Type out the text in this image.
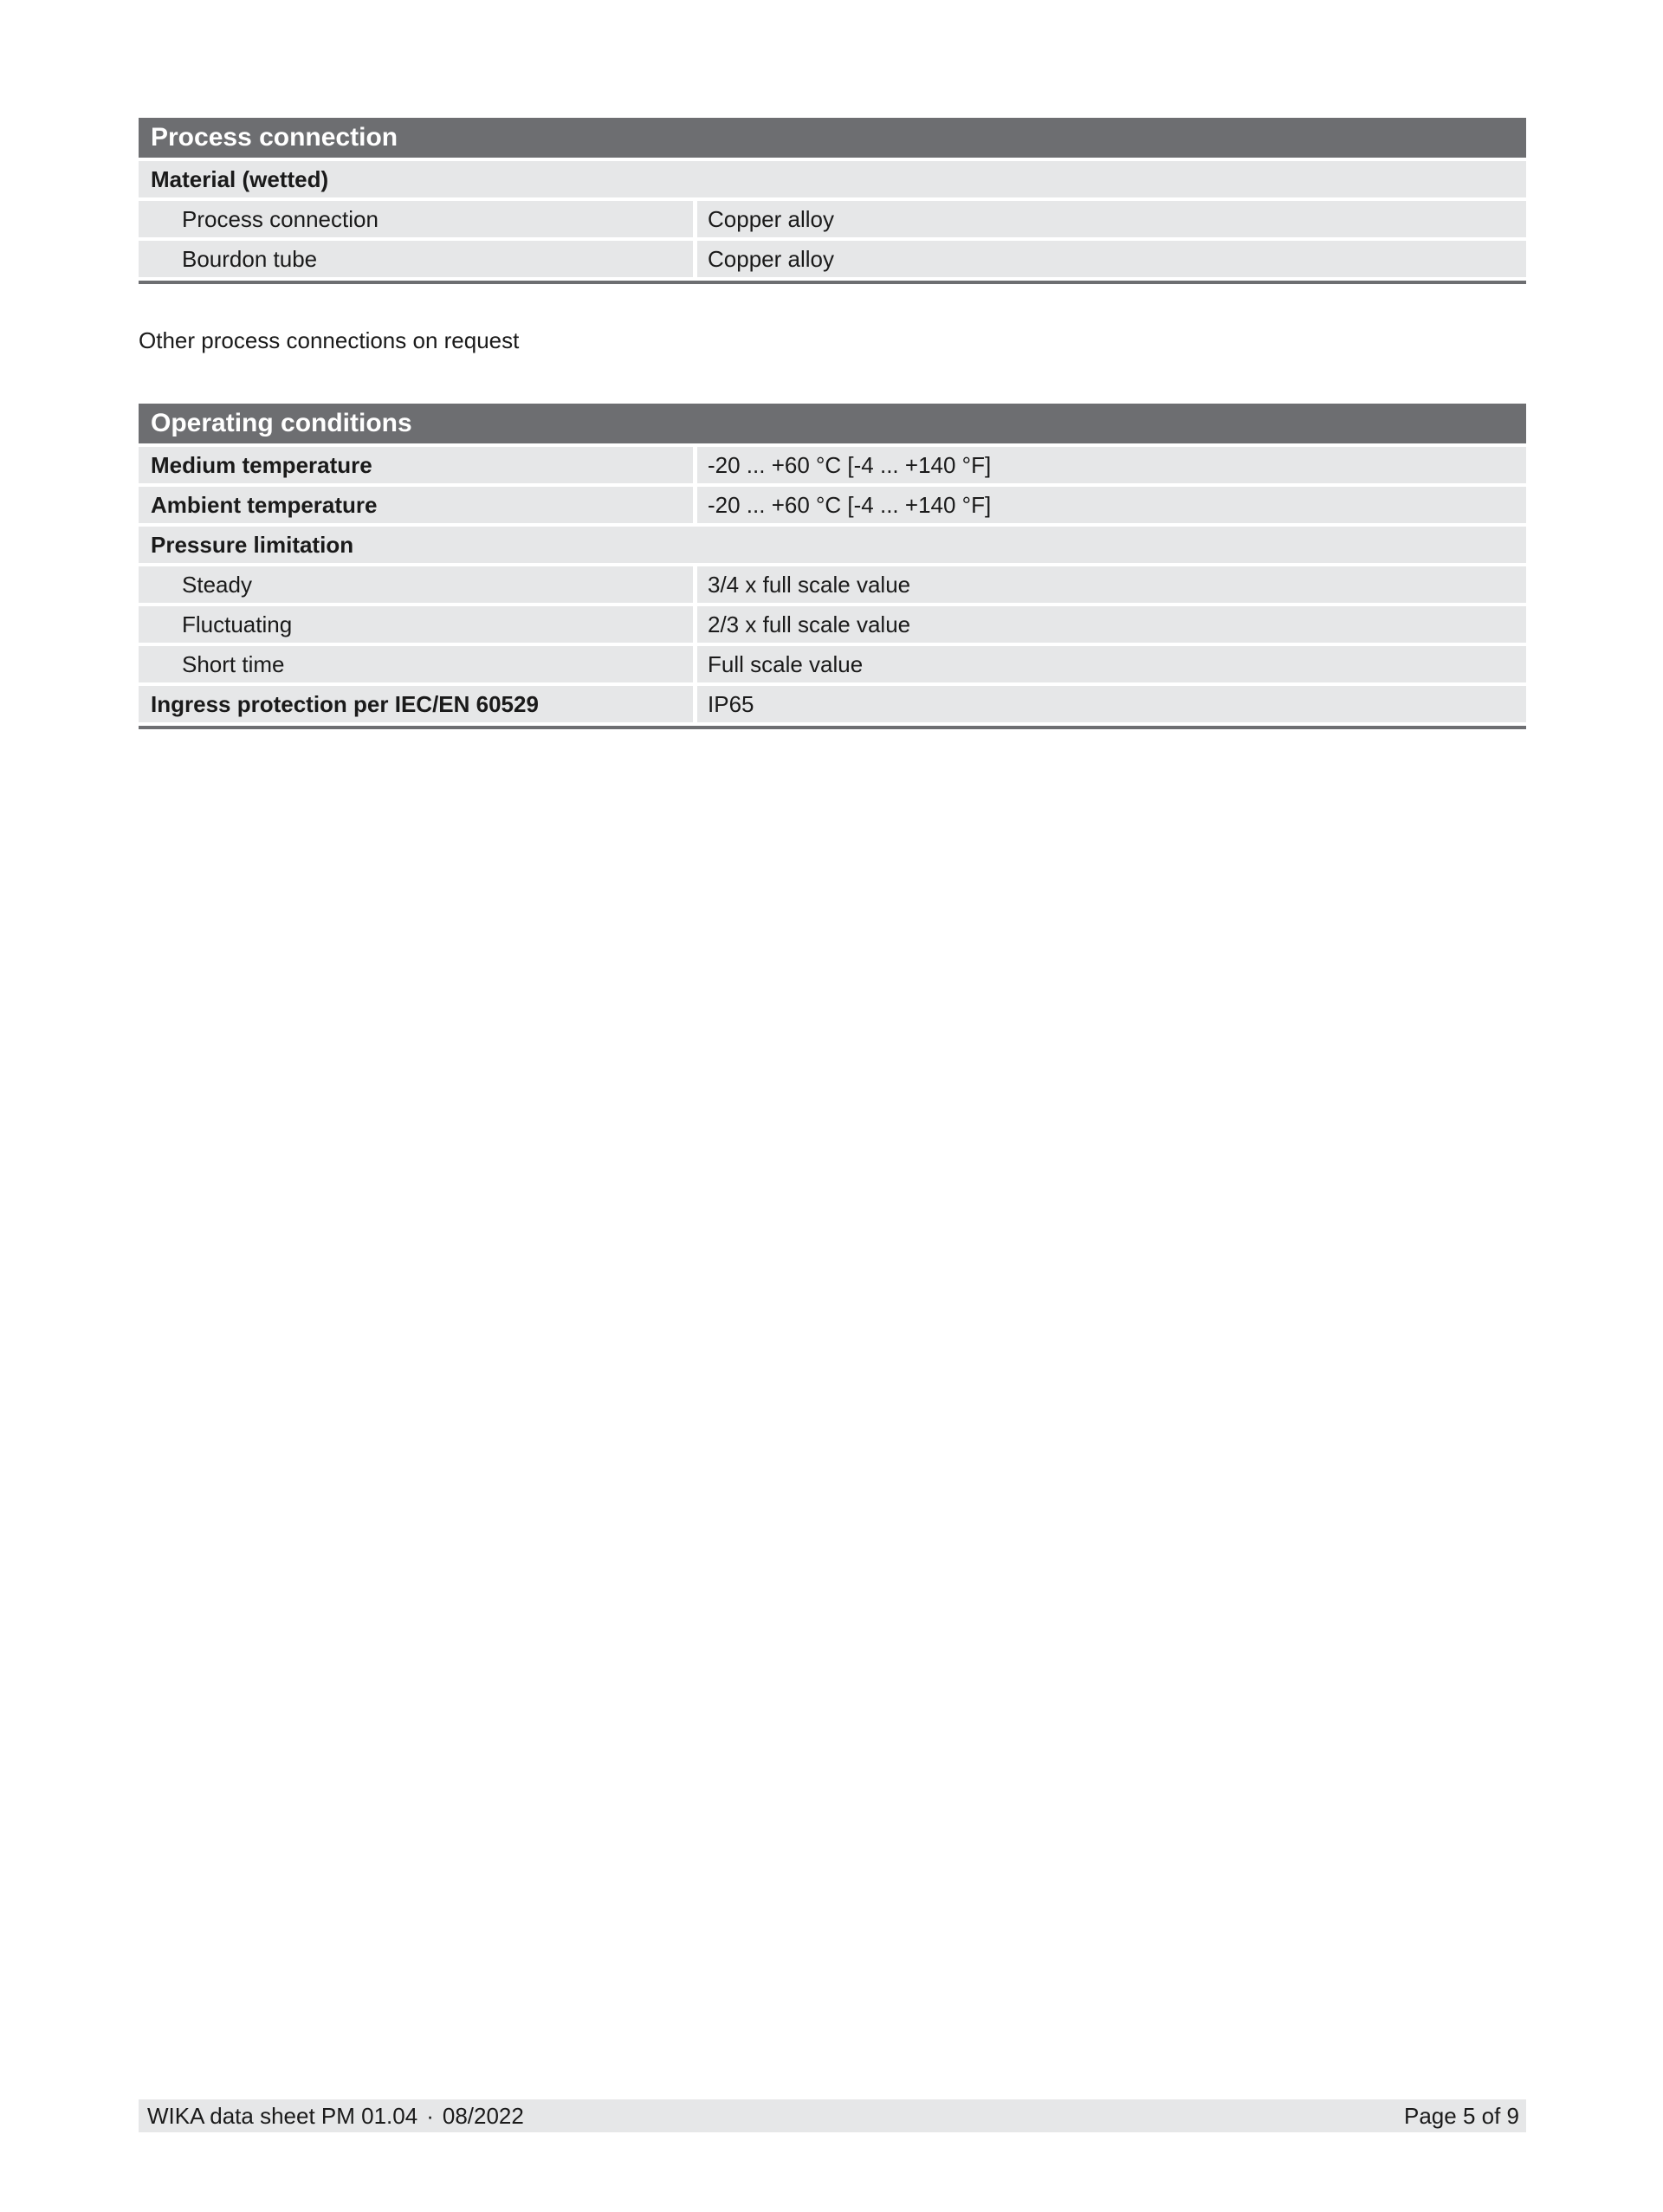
Process connection	
Material (wetted)	
Process connection	Copper alloy
Bourdon tube	Copper alloy
Other process connections on request
Operating conditions	
Medium temperature	-20 ... +60 °C [-4 ... +140 °F]
Ambient temperature	-20 ... +60 °C [-4 ... +140 °F]
Pressure limitation	
Steady	3/4 x full scale value
Fluctuating	2/3 x full scale value
Short time	Full scale value
Ingress protection per IEC/EN 60529	IP65
WIKA data sheet PM 01.04 · 08/2022	Page 5 of 9
